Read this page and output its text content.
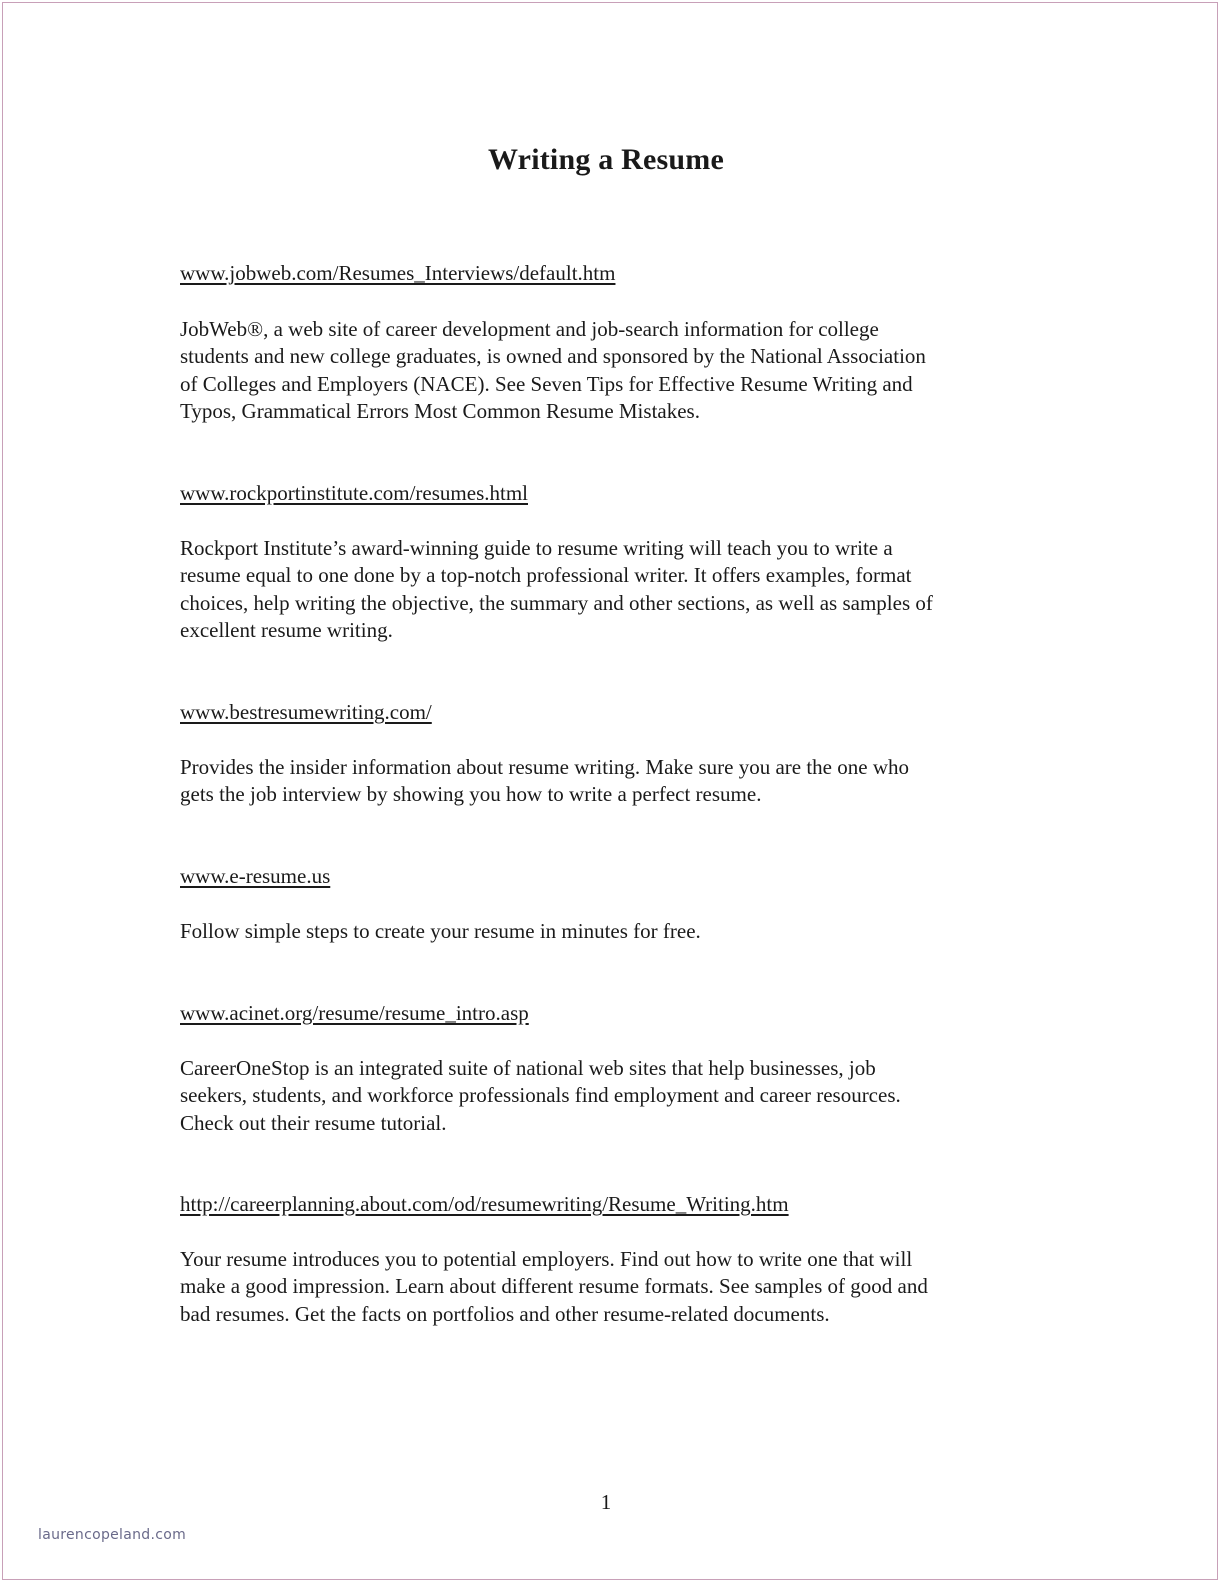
Writing a Resume
www.jobweb.com/Resumes_Interviews/default.htm
JobWeb®, a web site of career development and job-search information for college
students and new college graduates, is owned and sponsored by the National Association
of Colleges and Employers (NACE). See Seven Tips for Effective Resume Writing and
Typos, Grammatical Errors Most Common Resume Mistakes.
www.rockportinstitute.com/resumes.html
Rockport Institute’s award-winning guide to resume writing will teach you to write a
resume equal to one done by a top-notch professional writer. It offers examples, format
choices, help writing the objective, the summary and other sections, as well as samples of
excellent resume writing.
www.bestresumewriting.com/
Provides the insider information about resume writing. Make sure you are the one who
gets the job interview by showing you how to write a perfect resume.
www.e-resume.us
Follow simple steps to create your resume in minutes for free.
www.acinet.org/resume/resume_intro.asp
CareerOneStop is an integrated suite of national web sites that help businesses, job
seekers, students, and workforce professionals find employment and career resources.
Check out their resume tutorial.
http://careerplanning.about.com/od/resumewriting/Resume_Writing.htm
Your resume introduces you to potential employers. Find out how to write one that will
make a good impression. Learn about different resume formats. See samples of good and
bad resumes. Get the facts on portfolios and other resume-related documents.
1
laurencopeland.com
